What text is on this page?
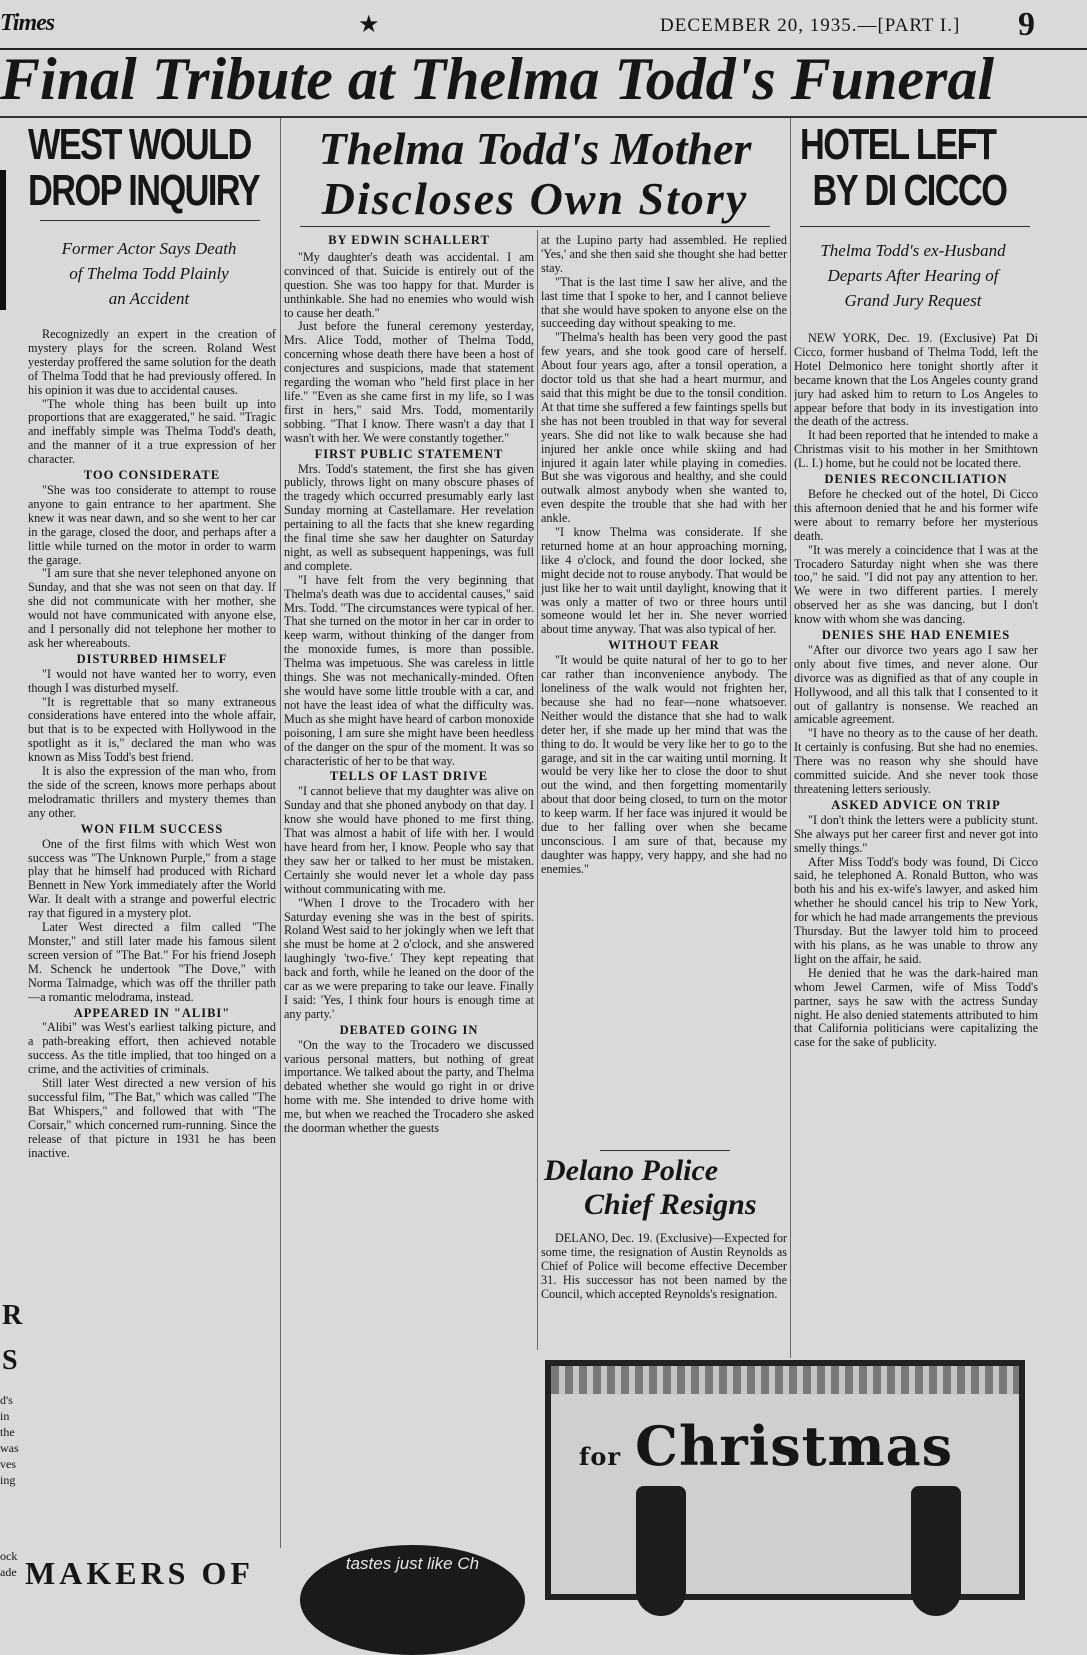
Times	★	DECEMBER 20, 1935.—[PART I.] 9
Final Tribute at Thelma Todd's Funeral
WEST WOULD
DROP INQUIRY
Former Actor Says Death
of Thelma Todd Plainly
an Accident

Recognizedly an expert in the creation of mystery plays for the screen. Roland West yesterday proffered the same solution for the death of Thelma Todd that he had previously offered. In his opinion it was due to accidental causes.

"The whole thing has been built up into proportions that are exaggerated," he said. "Tragic and ineffably simple was Thelma Todd's death, and the manner of it a true expression of her character.

TOO CONSIDERATE

"She was too considerate to attempt to rouse anyone to gain entrance to her apartment. She knew it was near dawn, and so she went to her car in the garage, closed the door, and perhaps after a little while turned on the motor in order to warm the garage.

"I am sure that she never telephoned anyone on Sunday, and that she was not seen on that day. If she did not communicate with her mother, she would not have communicated with anyone else, and I personally did not telephone her mother to ask her whereabouts.

DISTURBED HIMSELF

"I would not have wanted her to worry, even though I was disturbed myself.

"It is regrettable that so many extraneous considerations have entered into the whole affair, but that is to be expected with Hollywood in the spotlight as it is," declared the man who was known as Miss Todd's best friend.

It is also the expression of the man who, from the side of the screen, knows more perhaps about melodramatic thrillers and mystery themes than any other.

WON FILM SUCCESS

One of the first films with which West won success was "The Unknown Purple," from a stage play that he himself had produced with Richard Bennett in New York immediately after the World War. It dealt with a strange and powerful electric ray that figured in a mystery plot.

Later West directed a film called "The Monster," and still later made his famous silent screen version of "The Bat." For his friend Joseph M. Schenck he undertook "The Dove," with Norma Talmadge, which was off the thriller path—a romantic melodrama, instead.

APPEARED IN "ALIBI"

"Alibi" was West's earliest talking picture, and a path-breaking effort, then achieved notable success. As the title implied, that too hinged on a crime, and the activities of criminals.

Still later West directed a new version of his successful film, "The Bat," which was called "The Bat Whispers," and followed that with "The Corsair," which concerned rum-running. Since the release of that picture in 1931 he has been inactive.

R
S
d's
in
the
was
ves
ing
ock
ade
Thelma Todd's Mother
Discloses Own Story
BY EDWIN SCHALLERT

"My daughter's death was accidental. I am convinced of that. Suicide is entirely out of the question. She was too happy for that. Murder is unthinkable. She had no enemies who would wish to cause her death."

Just before the funeral ceremony yesterday, Mrs. Alice Todd, mother of Thelma Todd, concerning whose death there have been a host of conjectures and suspicions, made that statement regarding the woman who "held first place in her life." "Even as she came first in my life, so I was first in hers," said Mrs. Todd, momentarily sobbing. "That I know. There wasn't a day that I wasn't with her. We were constantly together."

FIRST PUBLIC STATEMENT

Mrs. Todd's statement, the first she has given publicly, throws light on many obscure phases of the tragedy which occurred presumably early last Sunday morning at Castellamare. Her revelation pertaining to all the facts that she knew regarding the final time she saw her daughter on Saturday night, as well as subsequent happenings, was full and complete.

"I have felt from the very beginning that Thelma's death was due to accidental causes," said Mrs. Todd. "The circumstances were typical of her. That she turned on the motor in her car in order to keep warm, without thinking of the danger from the monoxide fumes, is more than possible. Thelma was impetuous. She was careless in little things. She was not mechanically-minded. Often she would have some little trouble with a car, and not have the least idea of what the difficulty was. Much as she might have heard of carbon monoxide poisoning, I am sure she might have been heedless of the danger on the spur of the moment. It was so characteristic of her to be that way.

TELLS OF LAST DRIVE

"I cannot believe that my daughter was alive on Sunday and that she phoned anybody on that day. I know she would have phoned to me first thing. That was almost a habit of life with her. I would have heard from her, I know. People who say that they saw her or talked to her must be mistaken. Certainly she would never let a whole day pass without communicating with me.

"When I drove to the Trocadero with her Saturday evening she was in the best of spirits. Roland West said to her jokingly when we left that she must be home at 2 o'clock, and she answered laughingly 'two-five.' They kept repeating that back and forth, while he leaned on the door of the car as we were preparing to take our leave. Finally I said: 'Yes, I think four hours is enough time at any party.'

DEBATED GOING IN

"On the way to the Trocadero we discussed various personal matters, but nothing of great importance. We talked about the party, and Thelma debated whether she would go right in or drive home with me. She intended to drive home with me, but when we reached the Trocadero she asked the doorman whether the guests

at the Lupino party had assembled. He replied 'Yes,' and she then said she thought she had better stay.

"That is the last time I saw her alive, and the last time that I spoke to her, and I cannot believe that she would have spoken to anyone else on the succeeding day without speaking to me.

"Thelma's health has been very good the past few years, and she took good care of herself. About four years ago, after a tonsil operation, a doctor told us that she had a heart murmur, and said that this might be due to the tonsil condition. At that time she suffered a few faintings spells but she has not been troubled in that way for several years. She did not like to walk because she had injured her ankle once while skiing and had injured it again later while playing in comedies. But she was vigorous and healthy, and she could outwalk almost anybody when she wanted to, even despite the trouble that she had with her ankle.

"I know Thelma was considerate. If she returned home at an hour approaching morning, like 4 o'clock, and found the door locked, she might decide not to rouse anybody. That would be just like her to wait until daylight, knowing that it was only a matter of two or three hours until someone would let her in. She never worried about time anyway. That was also typical of her.

WITHOUT FEAR

"It would be quite natural of her to go to her car rather than inconvenience anybody. The loneliness of the walk would not frighten her, because she had no fear—none whatsoever. Neither would the distance that she had to walk deter her, if she made up her mind that was the thing to do. It would be very like her to go to the garage, and sit in the car waiting until morning. It would be very like her to close the door to shut out the wind, and then forgetting momentarily about that door being closed, to turn on the motor to keep warm. If her face was injured it would be due to her falling over when she became unconscious. I am sure of that, because my daughter was happy, very happy, and she had no enemies."

Delano Police
Chief Resigns

DELANO, Dec. 19. (Exclusive)—Expected for some time, the resignation of Austin Reynolds as Chief of Police will become effective December 31. His successor has not been named by the Council, which accepted Reynolds's resignation.

HOTEL LEFT
BY DI CICCO
Thelma Todd's ex-Husband
Departs After Hearing of
Grand Jury Request

NEW YORK, Dec. 19. (Exclusive) Pat Di Cicco, former husband of Thelma Todd, left the Hotel Delmonico here tonight shortly after it became known that the Los Angeles county grand jury had asked him to return to Los Angeles to appear before that body in its investigation into the death of the actress.

It had been reported that he intended to make a Christmas visit to his mother in her Smithtown (L. I.) home, but he could not be located there.

DENIES RECONCILIATION

Before he checked out of the hotel, Di Cicco this afternoon denied that he and his former wife were about to remarry before her mysterious death.

"It was merely a coincidence that I was at the Trocadero Saturday night when she was there too," he said. "I did not pay any attention to her. We were in two different parties. I merely observed her as she was dancing, but I don't know with whom she was dancing.

DENIES SHE HAD ENEMIES

"After our divorce two years ago I saw her only about five times, and never alone. Our divorce was as dignified as that of any couple in Hollywood, and all this talk that I consented to it out of gallantry is nonsense. We reached an amicable agreement.

"I have no theory as to the cause of her death. It certainly is confusing. But she had no enemies. There was no reason why she should have committed suicide. And she never took those threatening letters seriously.

ASKED ADVICE ON TRIP

"I don't think the letters were a publicity stunt. She always put her career first and never got into smelly things."

After Miss Todd's body was found, Di Cicco said, he telephoned A. Ronald Button, who was both his and his ex-wife's lawyer, and asked him whether he should cancel his trip to New York, for which he had made arrangements the previous Thursday. But the lawyer told him to proceed with his plans, as he was unable to throw any light on the affair, he said.

He denied that he was the dark-haired man whom Jewel Carmen, wife of Miss Todd's partner, says he saw with the actress Sunday night. He also denied statements attributed to him that California politicians were capitalizing the case for the sake of publicity.

for Christmas
MAKERS OF	tastes just like Ch
